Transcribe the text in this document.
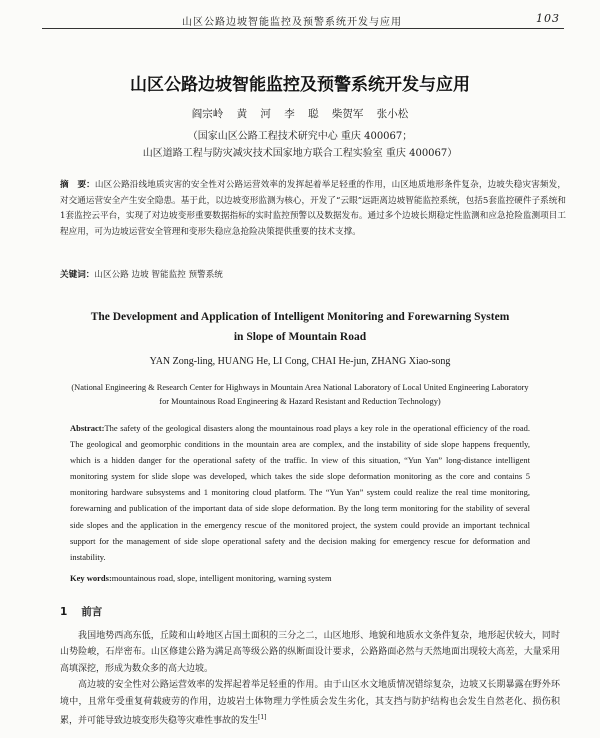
山区公路边坡智能监控及预警系统开发与应用	103
山区公路边坡智能监控及预警系统开发与应用
阎宗岭 黄 河 李 聪 柴贺军 张小松
（国家山区公路工程技术研究中心 重庆 400067；
山区道路工程与防灾减灾技术国家地方联合工程实验室 重庆 400067）
摘　要：山区公路沿线地质灾害的安全性对公路运营效率的发挥起着举足轻重的作用，山区地质地形条件复杂，边坡失稳灾害频发，对交通运营安全产生安全隐患。基于此，以边坡变形监测为核心，开发了“云眼”远距离边坡智能监控系统，包括5套监控硬件子系统和1套监控云平台，实现了对边坡变形重要数据指标的实时监控预警以及数据发布。通过多个边坡长期稳定性监测和应急抢险监测项目工程应用，可为边坡运营安全管理和变形失稳应急抢险决策提供重要的技术支撑。
关键词：山区公路 边坡 智能监控 预警系统
The Development and Application of Intelligent Monitoring and Forewarning System in Slope of Mountain Road
YAN Zong-ling, HUANG He, LI Cong, CHAI He-jun, ZHANG Xiao-song
(National Engineering & Research Center for Highways in Mountain Area National Laboratory of Local United Engineering Laboratory for Mountainous Road Engineering & Hazard Resistant and Reduction Technology)
Abstract:The safety of the geological disasters along the mountainous road plays a key role in the operational efficiency of the road. The geological and geomorphic conditions in the mountain area are complex, and the instability of side slope happens frequently, which is a hidden danger for the operational safety of the traffic. In view of this situation, “Yun Yan” long-distance intelligent monitoring system for slide slope was developed, which takes the side slope deformation monitoring as the core and contains 5 monitoring hardware subsystems and 1 monitoring cloud platform. The “Yun Yan” system could realize the real time monitoring, forewarning and publication of the important data of side slope deformation. By the long term monitoring for the stability of several side slopes and the application in the emergency rescue of the monitored project, the system could provide an important technical support for the management of side slope operational safety and the decision making for emergency rescue for deformation and instability.
Key words:mountainous road, slope, intelligent monitoring, warning system
1 前言

我国地势西高东低，丘陵和山岭地区占国土面积的三分之二，山区地形、地貌和地质水文条件复杂，地形起伏较大，同时山势险峻，石岸密布。山区修建公路为满足高等级公路的纵断面设计要求，公路路面必然与天然地面出现较大高差，大量采用高填深挖，形成为数众多的高大边坡。

高边坡的安全性对公路运营效率的发挥起着举足轻重的作用。由于山区水文地质情况错综复杂，边坡又长期暴露在野外环境中，且常年受重复荷载疲劳的作用，边坡岩土体物理力学性质会发生劣化，其支挡与防护结构也会发生自然老化、损伤积累，并可能导致边坡变形失稳等灾难性事故的发生[1]
